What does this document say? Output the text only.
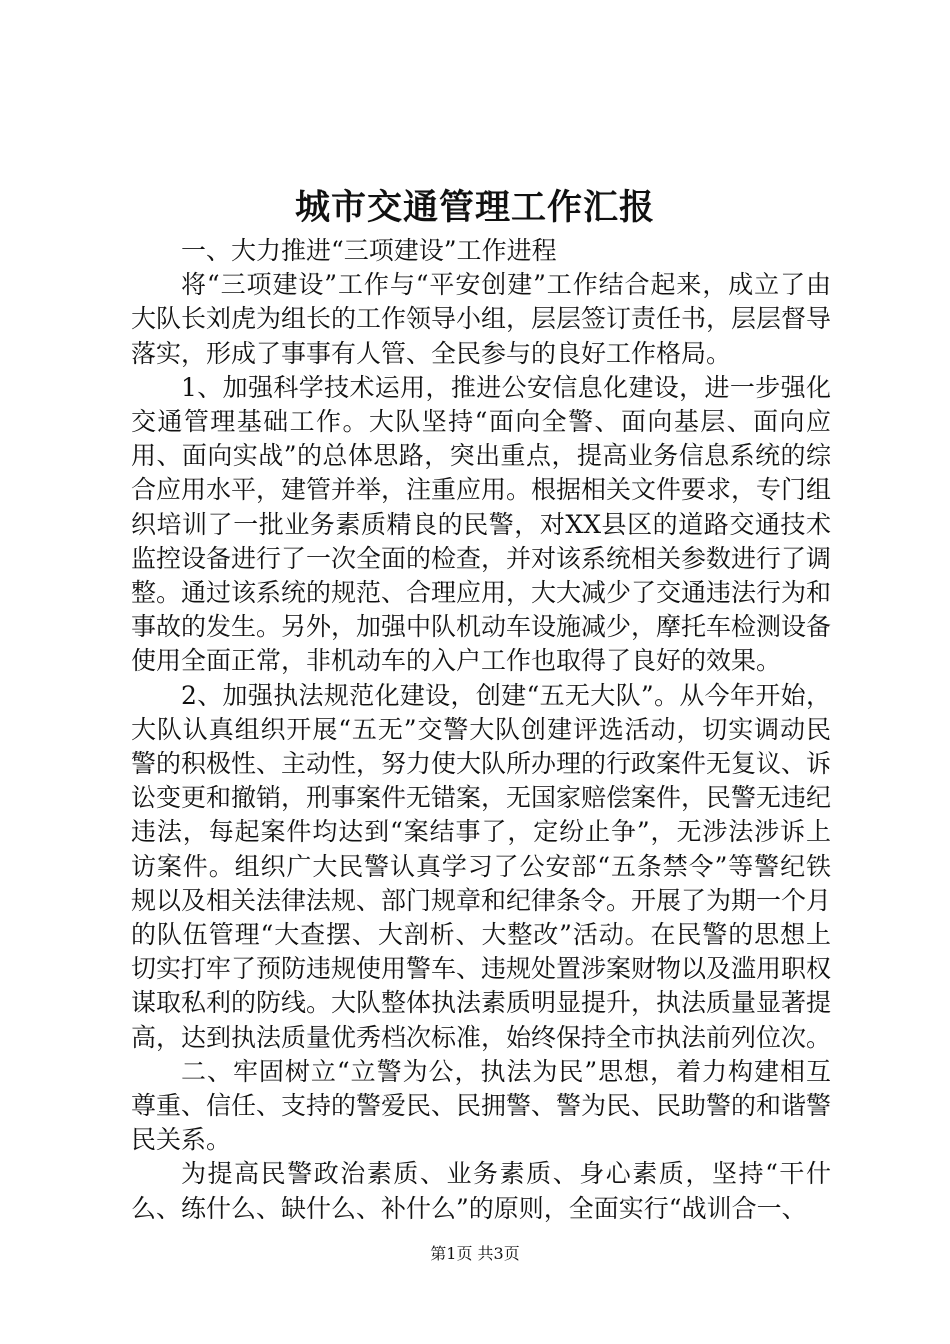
城市交通管理工作汇报

一、大力推进“三项建设”工作进程

将“三项建设”工作与“平安创建”工作结合起来，成立了由大队长刘虎为组长的工作领导小组，层层签订责任书，层层督导落实，形成了事事有人管、全民参与的良好工作格局。

1、加强科学技术运用，推进公安信息化建设，进一步强化交通管理基础工作。大队坚持“面向全警、面向基层、面向应用、面向实战”的总体思路，突出重点，提高业务信息系统的综合应用水平，建管并举，注重应用。根据相关文件要求，专门组织培训了一批业务素质精良的民警，对XX县区的道路交通技术监控设备进行了一次全面的检查，并对该系统相关参数进行了调整。通过该系统的规范、合理应用，大大减少了交通违法行为和事故的发生。另外，加强中队机动车设施减少，摩托车检测设备使用全面正常，非机动车的入户工作也取得了良好的效果。

2、加强执法规范化建设，创建“五无大队”。从今年开始，大队认真组织开展“五无”交警大队创建评选活动，切实调动民警的积极性、主动性，努力使大队所办理的行政案件无复议、诉讼变更和撤销，刑事案件无错案，无国家赔偿案件，民警无违纪违法，每起案件均达到“案结事了，定纷止争”，无涉法涉诉上访案件。组织广大民警认真学习了公安部“五条禁令”等警纪铁规以及相关法律法规、部门规章和纪律条令。开展了为期一个月的队伍管理“大查摆、大剖析、大整改”活动。在民警的思想上切实打牢了预防违规使用警车、违规处置涉案财物以及滥用职权谋取私利的防线。大队整体执法素质明显提升，执法质量显著提高，达到执法质量优秀档次标准，始终保持全市执法前列位次。

二、牢固树立“立警为公，执法为民”思想，着力构建相互尊重、信任、支持的警爱民、民拥警、警为民、民助警的和谐警民关系。

为提高民警政治素质、业务素质、身心素质，坚持“干什么、练什么、缺什么、补什么”的原则，全面实行“战训合一、

第1页 共3页
